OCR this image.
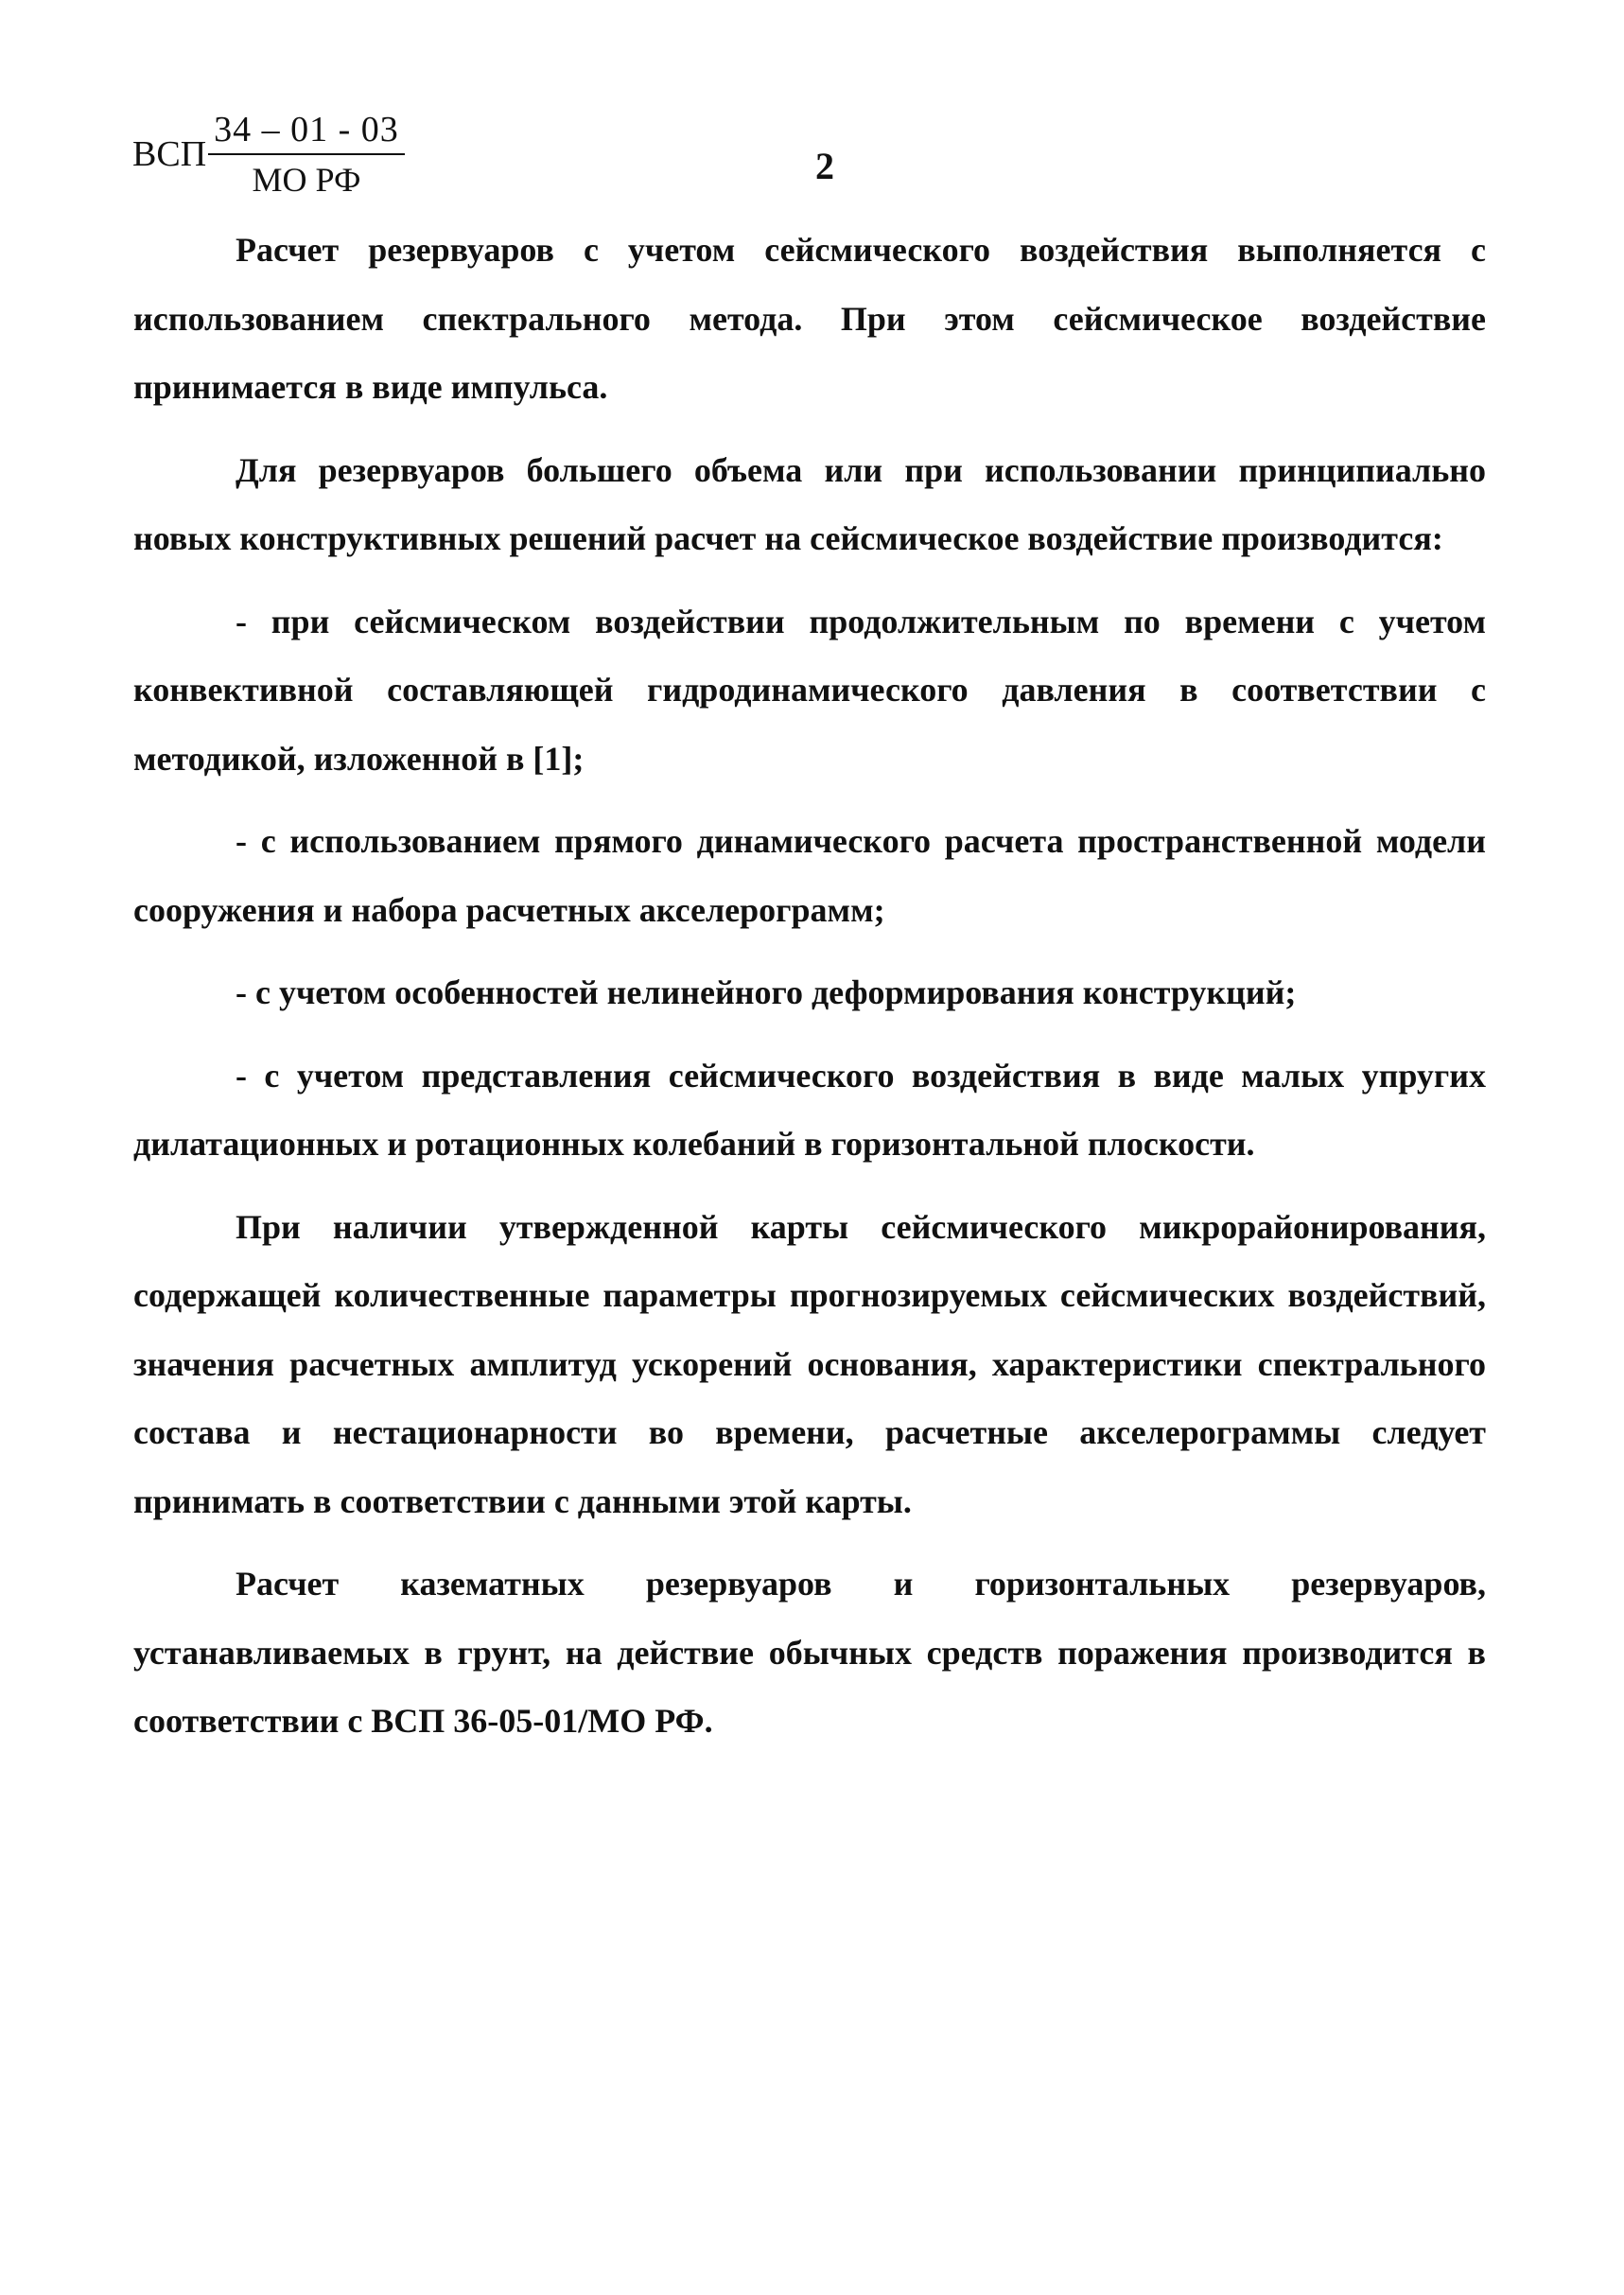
ВСП $\frac{34 - 01 - 03}{\text{МО РФ}}$	2

Расчет резервуаров с учетом сейсмического воздействия выполняется с использованием спектрального метода. При этом сейсмическое воздействие принимается в виде импульса.

Для резервуаров большего объема или при использовании принципиально новых конструктивных решений расчет на сейсмическое воздействие производится:

- при сейсмическом воздействии продолжительным по времени с учетом конвективной составляющей гидродинамического давления в соответствии с методикой, изложенной в [1];

- с использованием прямого динамического расчета пространственной модели сооружения и набора расчетных акселерограмм;

- с учетом особенностей нелинейного деформирования конструкций;

- с учетом представления сейсмического воздействия в виде малых упругих дилатационных и ротационных колебаний в горизонтальной плоскости.

При наличии утвержденной карты сейсмического микрорайонирования, содержащей количественные параметры прогнозируемых сейсмических воздействий, значения расчетных амплитуд ускорений основания, характеристики спектрального состава и нестационарности во времени, расчетные акселерограммы следует принимать в соответствии с данными этой карты.

Расчет казематных резервуаров и горизонтальных резервуаров, устанавливаемых в грунт, на действие обычных средств поражения производится в соответствии с ВСП 36-05-01/МО РФ.
